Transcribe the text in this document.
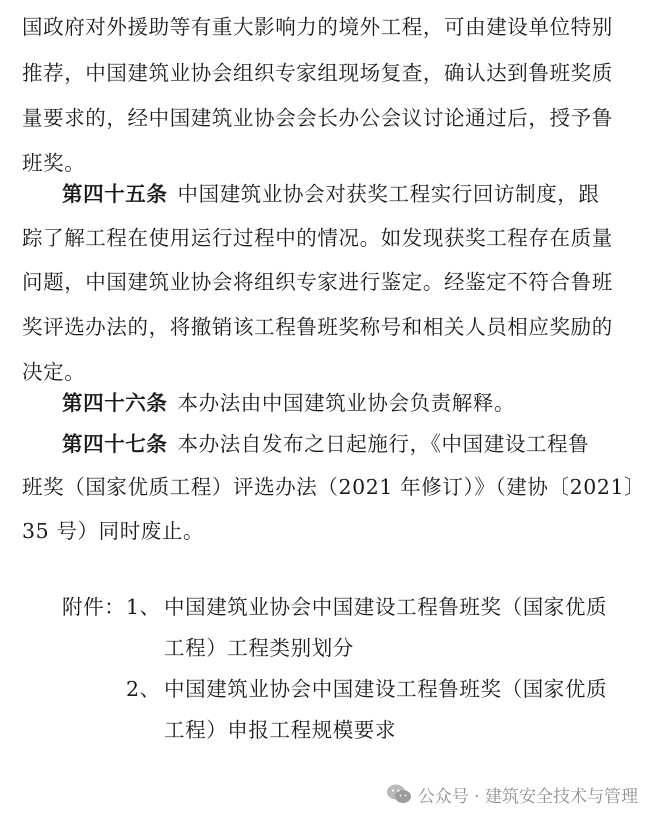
国政府对外援助等有重大影响力的境外工程，可由建设单位特别
推荐，中国建筑业协会组织专家组现场复查，确认达到鲁班奖质
量要求的，经中国建筑业协会会长办公会议讨论通过后，授予鲁
班奖。
第四十五条 中国建筑业协会对获奖工程实行回访制度，跟
踪了解工程在使用运行过程中的情况。如发现获奖工程存在质量
问题，中国建筑业协会将组织专家进行鉴定。经鉴定不符合鲁班
奖评选办法的，将撤销该工程鲁班奖称号和相关人员相应奖励的
决定。
第四十六条 本办法由中国建筑业协会负责解释。
第四十七条 本办法自发布之日起施行，《中国建设工程鲁
班奖（国家优质工程）评选办法（2021 年修订）》（建协〔2021〕
35 号）同时废止。
附件： 1、 中国建筑业协会中国建设工程鲁班奖（国家优质
工程）工程类别划分
2、 中国建筑业协会中国建设工程鲁班奖（国家优质
工程）申报工程规模要求
公众号 · 建筑安全技术与管理
